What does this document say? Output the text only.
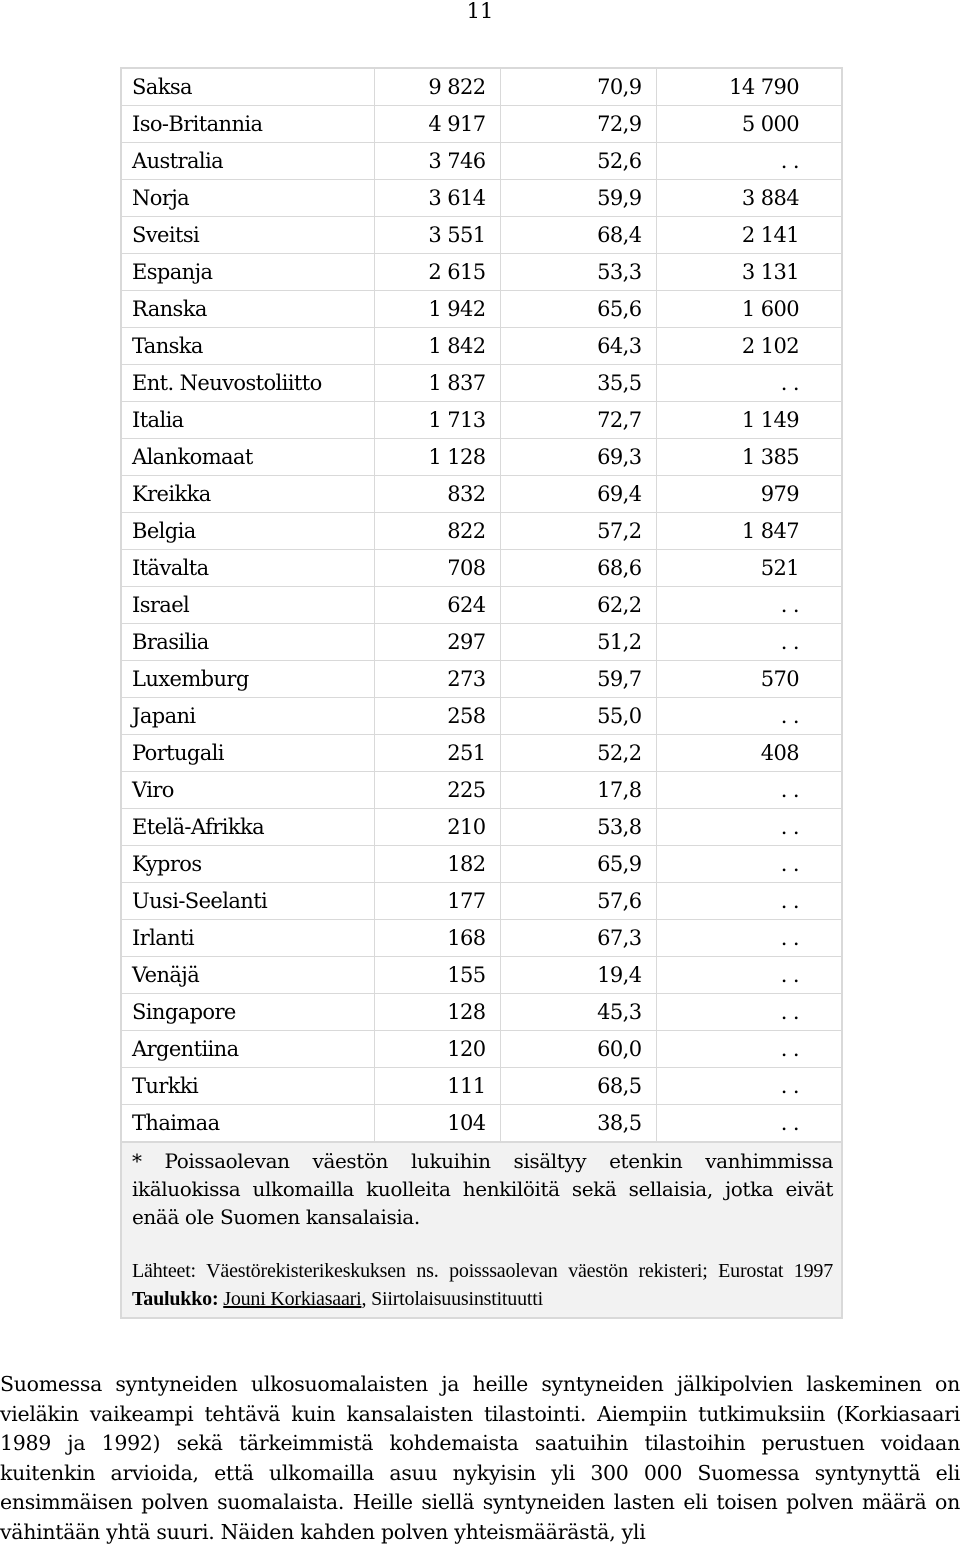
11
Saksa	9 822	70,9	14 790
Iso-Britannia	4 917	72,9	5 000
Australia	3 746	52,6	. .
Norja	3 614	59,9	3 884
Sveitsi	3 551	68,4	2 141
Espanja	2 615	53,3	3 131
Ranska	1 942	65,6	1 600
Tanska	1 842	64,3	2 102
Ent. Neuvostoliitto	1 837	35,5	. .
Italia	1 713	72,7	1 149
Alankomaat	1 128	69,3	1 385
Kreikka	832	69,4	979
Belgia	822	57,2	1 847
Itävalta	708	68,6	521
Israel	624	62,2	. .
Brasilia	297	51,2	. .
Luxemburg	273	59,7	570
Japani	258	55,0	. .
Portugali	251	52,2	408
Viro	225	17,8	. .
Etelä-Afrikka	210	53,8	. .
Kypros	182	65,9	. .
Uusi-Seelanti	177	57,6	. .
Irlanti	168	67,3	. .
Venäjä	155	19,4	. .
Singapore	128	45,3	. .
Argentiina	120	60,0	. .
Turkki	111	68,5	. .
Thaimaa	104	38,5	. .

* Poissaolevan väestön lukuihin sisältyy etenkin vanhimmissa ikäluokissa ulkomailla kuolleita henkilöitä sekä sellaisia, jotka eivät enää ole Suomen kansalaisia.
Lähteet: Väestörekisterikeskuksen ns. poisssaolevan väestön rekisteri; Eurostat 1997 Taulukko: Jouni Korkiasaari, Siirtolaisuusinstituutti			
Suomessa syntyneiden ulkosuomalaisten ja heille syntyneiden jälkipolvien laskeminen on vieläkin vaikeampi tehtävä kuin kansalaisten tilastointi. Aiempiin tutkimuksiin (Korkiasaari 1989 ja 1992) sekä tärkeimmistä kohdemaista saatuihin tilastoihin perustuen voidaan kuitenkin arvioida, että ulkomailla asuu nykyisin yli 300 000 Suomessa syntynyttä eli ensimmäisen polven suomalaista. Heille siellä syntyneiden lasten eli toisen polven määrä on vähintään yhtä suuri. Näiden kahden polven yhteismäärästä, yli
